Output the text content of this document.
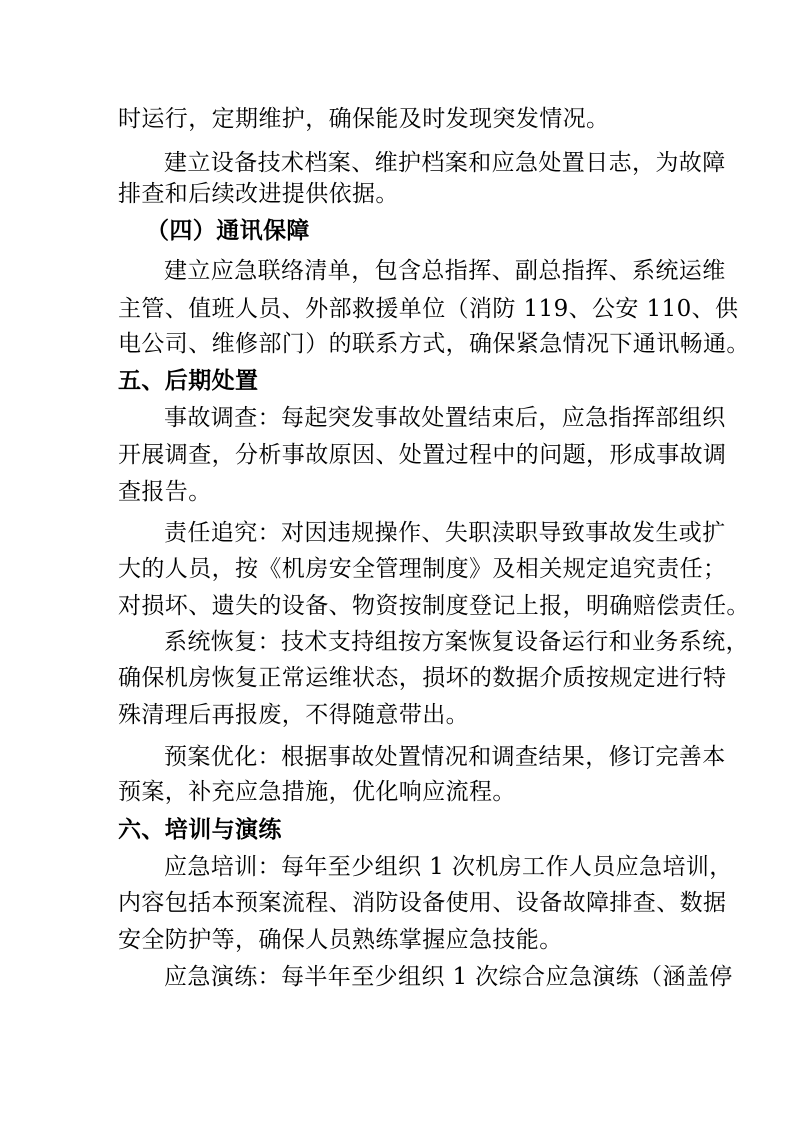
时运行，定期维护，确保能及时发现突发情况。
建立设备技术档案、维护档案和应急处置日志，为故障
排查和后续改进提供依据。
（四）通讯保障
建立应急联络清单，包含总指挥、副总指挥、系统运维
主管、值班人员、外部救援单位（消防 119、公安 110、供
电公司、维修部门）的联系方式，确保紧急情况下通讯畅通。
五、后期处置
事故调查：每起突发事故处置结束后，应急指挥部组织
开展调查，分析事故原因、处置过程中的问题，形成事故调
查报告。
责任追究：对因违规操作、失职渎职导致事故发生或扩
大的人员，按《机房安全管理制度》及相关规定追究责任；
对损坏、遗失的设备、物资按制度登记上报，明确赔偿责任。
系统恢复：技术支持组按方案恢复设备运行和业务系统，
确保机房恢复正常运维状态，损坏的数据介质按规定进行特
殊清理后再报废，不得随意带出。
预案优化：根据事故处置情况和调查结果，修订完善本
预案，补充应急措施，优化响应流程。
六、培训与演练
应急培训：每年至少组织 1 次机房工作人员应急培训，
内容包括本预案流程、消防设备使用、设备故障排查、数据
安全防护等，确保人员熟练掌握应急技能。
应急演练：每半年至少组织 1 次综合应急演练（涵盖停
